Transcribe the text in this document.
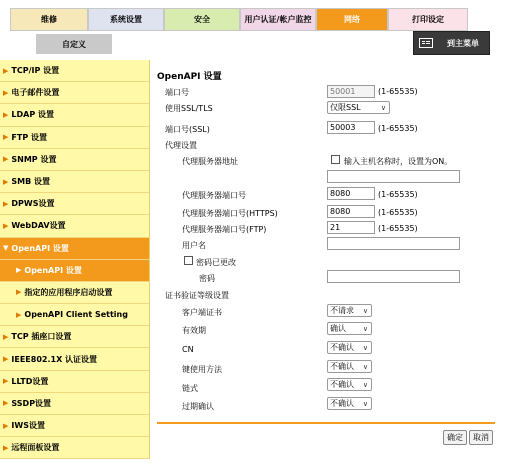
维修	系统设置	安全	用户认证/帐户监控	网络	打印设定
自定义	到主菜单
▶ TCP/IP 设置
▶ 电子邮件设置
▶ LDAP 设置
▶ FTP 设置
▶ SNMP 设置
▶ SMB 设置
▶ DPWS设置
▶ WebDAV设置
▼ OpenAPI 设置
▶ OpenAPI 设置
▶ 指定的应用程序启动设置
▶ OpenAPI Client Setting
▶ TCP 插座口设置
▶ IEEE802.1X 认证设置
▶ LLTD设置
▶ SSDP设置
▶ IWS设置
▶ 远程面板设置
OpenAPI 设置
端口号	50001	(1-65535)
使用SSL/TLS	仅限SSL	∨
端口号(SSL)	50003	(1-65535)
代理设置
代理服务器地址	输入主机名称时，设置为ON。
代理服务器端口号	8080	(1-65535)
代理服务器端口号(HTTPS)	8080	(1-65535)
代理服务器端口号(FTP)	21	(1-65535)
用户名
密码已更改
密码
证书验证等级设置
客户端证书	不请求 ∨
有效期	确认 ∨
CN	不确认 ∨
键使用方法	不确认 ∨
链式	不确认 ∨
过期确认	不确认 ∨
确定	取消
